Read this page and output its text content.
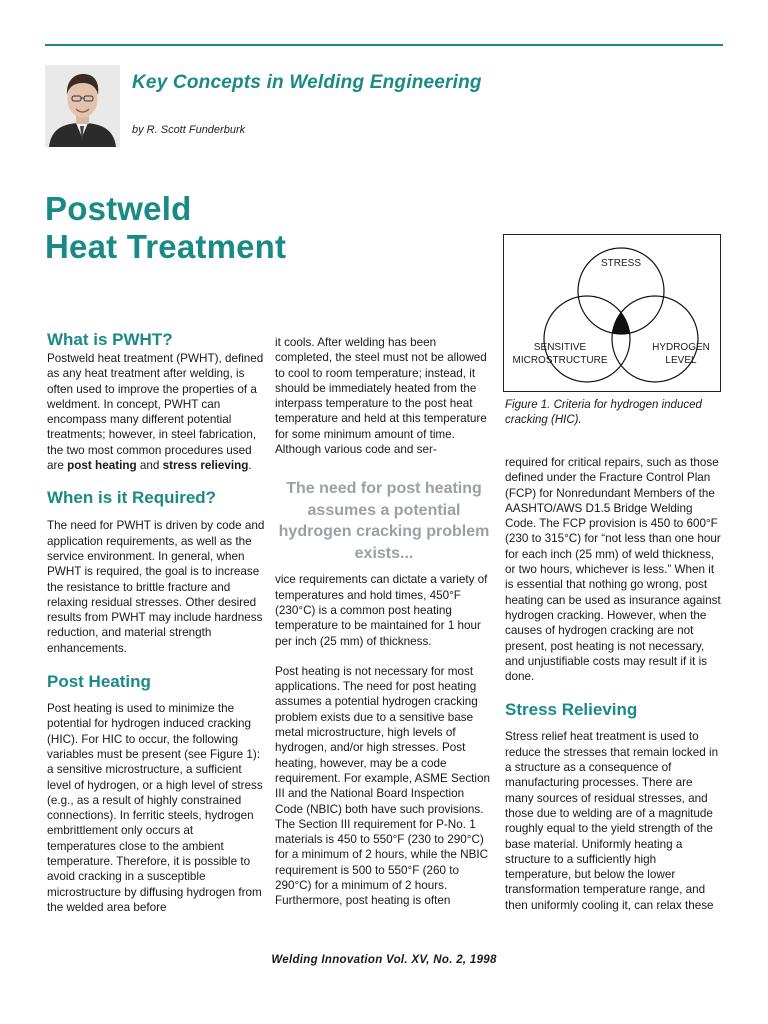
Key Concepts in Welding Engineering
by R. Scott Funderburk
Postweld
Heat Treatment	STRESS
SENSITIVE
MICROSTRUCTURE
HYDROGEN
LEVEL

Figure 1. Criteria for hydrogen induced cracking (HIC).

What is PWHT?

Postweld heat treatment (PWHT), defined as any heat treatment after welding, is often used to improve the properties of a weldment. In concept, PWHT can encompass many different potential treatments; however, in steel fabrication, the two most common procedures used are post heating and stress relieving.

When is it Required?

The need for PWHT is driven by code and application requirements, as well as the service environment. In general, when PWHT is required, the goal is to increase the resistance to brittle fracture and relaxing residual stresses. Other desired results from PWHT may include hardness reduction, and material strength enhancements.

Post Heating

Post heating is used to minimize the potential for hydrogen induced cracking (HIC). For HIC to occur, the following variables must be present (see Figure 1): a sensitive microstructure, a sufficient level of hydrogen, or a high level of stress (e.g., as a result of highly constrained connections). In ferritic steels, hydrogen embrittlement only occurs at temperatures close to the ambient temperature. Therefore, it is possible to avoid cracking in a susceptible microstructure by diffusing hydrogen from the welded area before

it cools. After welding has been completed, the steel must not be allowed to cool to room temperature; instead, it should be immediately heated from the interpass temperature to the post heat temperature and held at this temperature for some minimum amount of time. Although various code and ser-

The need for post heating assumes a potential hydrogen cracking problem exists...

vice requirements can dictate a variety of temperatures and hold times, 450°F (230°C) is a common post heating temperature to be maintained for 1 hour per inch (25 mm) of thickness.

Post heating is not necessary for most applications. The need for post heating assumes a potential hydrogen cracking problem exists due to a sensitive base metal microstructure, high levels of hydrogen, and/or high stresses. Post heating, however, may be a code requirement. For example, ASME Section III and the National Board Inspection Code (NBIC) both have such provisions. The Section III requirement for P-No. 1 materials is 450 to 550°F (230 to 290°C) for a minimum of 2 hours, while the NBIC requirement is 500 to 550°F (260 to 290°C) for a minimum of 2 hours. Furthermore, post heating is often

required for critical repairs, such as those defined under the Fracture Control Plan (FCP) for Nonredundant Members of the AASHTO/AWS D1.5 Bridge Welding Code. The FCP provision is 450 to 600°F (230 to 315°C) for “not less than one hour for each inch (25 mm) of weld thickness, or two hours, whichever is less.” When it is essential that nothing go wrong, post heating can be used as insurance against hydrogen cracking. However, when the causes of hydrogen cracking are not present, post heating is not necessary, and unjustifiable costs may result if it is done.

Stress Relieving

Stress relief heat treatment is used to reduce the stresses that remain locked in a structure as a consequence of manufacturing processes. There are many sources of residual stresses, and those due to welding are of a magnitude roughly equal to the yield strength of the base material. Uniformly heating a structure to a sufficiently high temperature, but below the lower transformation temperature range, and then uniformly cooling it, can relax these

Welding Innovation Vol. XV, No. 2, 1998
